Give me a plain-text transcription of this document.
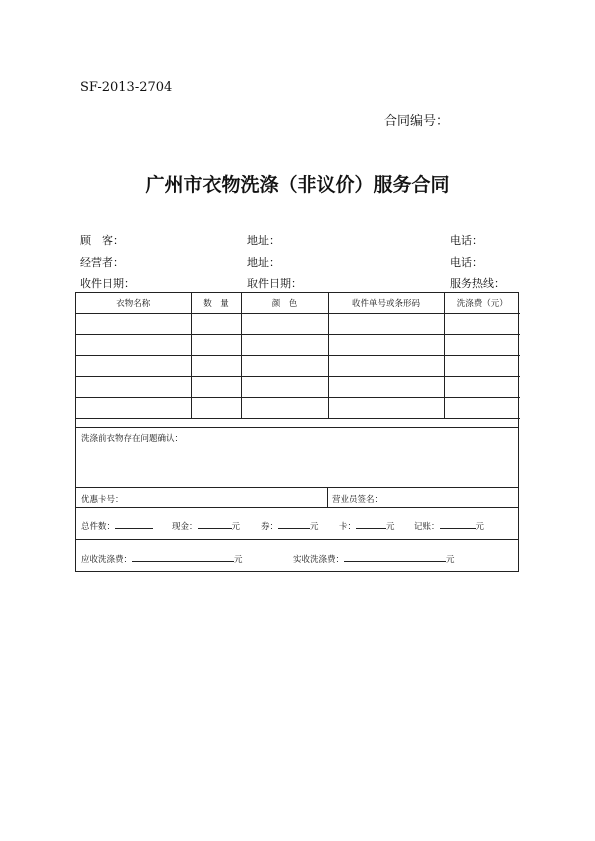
SF-2013-2704
合同编号：
广州市衣物洗涤（非议价）服务合同
顾　客：	地址：	电话：
经营者：	地址：	电话：
收件日期：	取件日期：	服务热线：
衣物名称	数　量	颜　色	收件单号或条形码	洗涤费（元）

洗涤前衣物存在问题确认：
优惠卡号：	营业员签名：
总件数：	现金：	元 券：	元 卡：	元 记账：	元
应收洗涤费：	元	实收洗涤费：	元
